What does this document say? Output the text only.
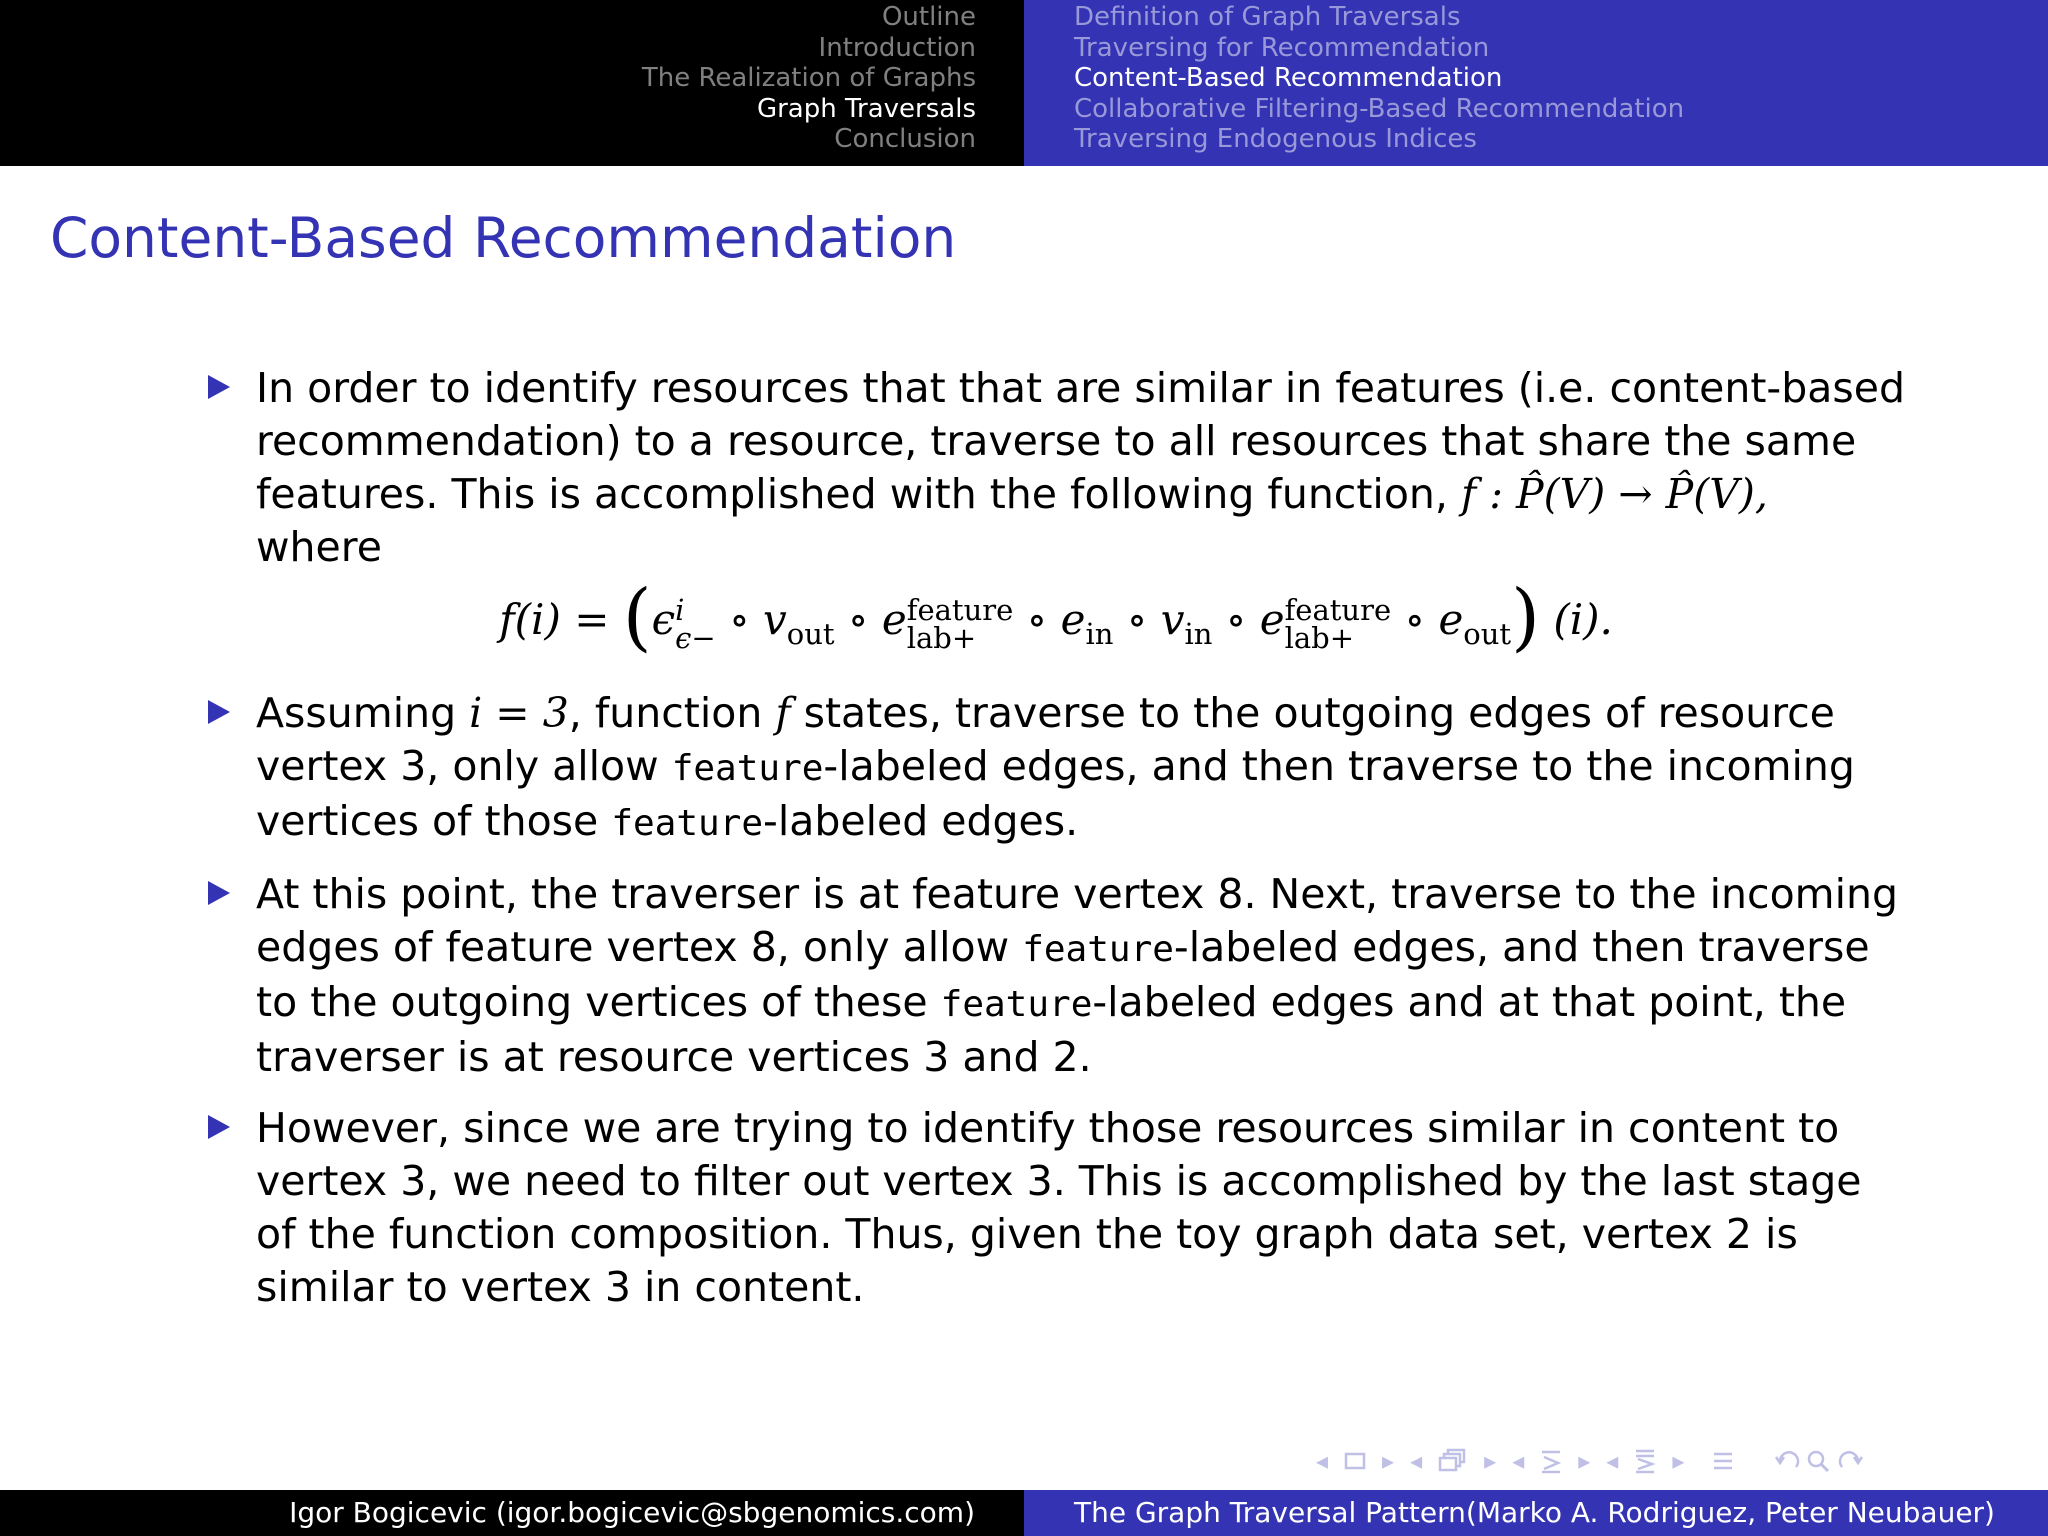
Outline
Introduction
The Realization of Graphs
Graph Traversals
Conclusion
Definition of Graph Traversals
Traversing for Recommendation
Content-Based Recommendation
Collaborative Filtering-Based Recommendation
Traversing Endogenous Indices
Content-Based Recommendation
In order to identify resources that that are similar in features (i.e. content-based recommendation) to a resource, traverse to all resources that share the same features. This is accomplished with the following function, f : P̂(V) → P̂(V),
where
f(i) = (ϵ i
ϵ− ∘ $v_{out}$ ∘ e feature
lab+	∘ $e_{in}$ ∘ $v_{in}$ ∘ e feature
lab+	∘ $e_{out}$) (i).
Assuming i = 3, function f states, traverse to the outgoing edges of resource vertex 3, only allow feature-labeled edges, and then traverse to the incoming vertices of those feature-labeled edges.
At this point, the traverser is at feature vertex 8. Next, traverse to the incoming edges of feature vertex 8, only allow feature-labeled edges, and then traverse to the outgoing vertices of these feature-labeled edges and at that point, the traverser is at resource vertices 3 and 2.
However, since we are trying to identify those resources similar in content to vertex 3, we need to filter out vertex 3. This is accomplished by the last stage of the function composition. Thus, given the toy graph data set, vertex 2 is similar to vertex 3 in content.
◂ ▸ ◂	▸ ◂ ▸ ◂ ▸
Igor Bogicevic (igor.bogicevic@sbgenomics.com)	The Graph Traversal Pattern(Marko A. Rodriguez, Peter Neubauer)
